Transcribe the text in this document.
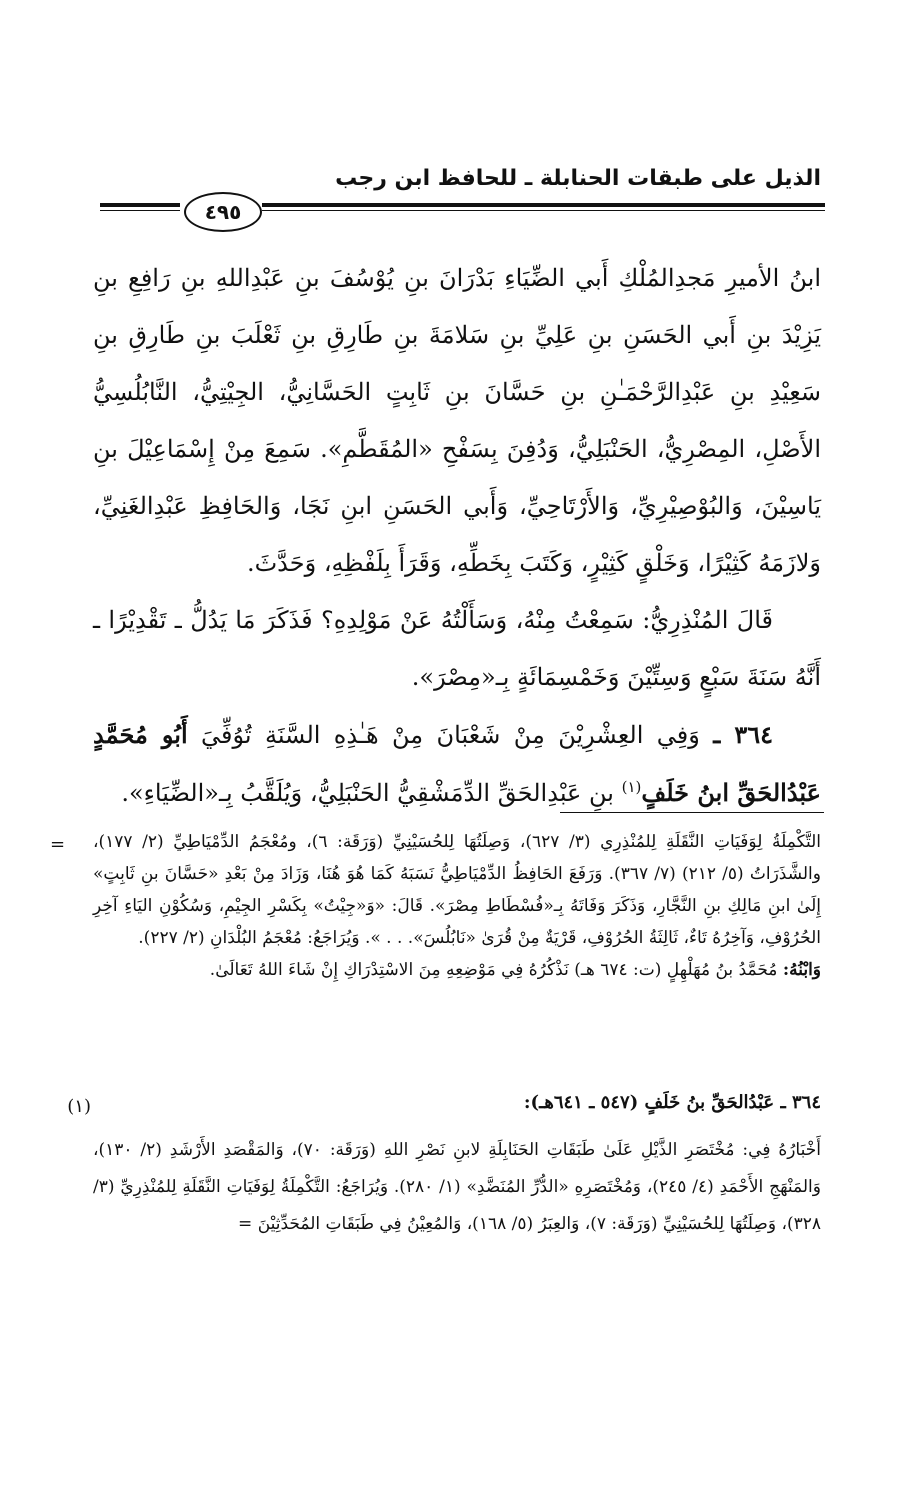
الذيل على طبقات الحنابلة ـ للحافظ ابن رجب
٤٩٥

ابنُ الأميرِ مَجدِالمُلْكِ أَبي الضِّيَاءِ بَدْرَانَ بنِ يُوْسُفَ بنِ عَبْدِاللهِ بنِ رَافِعِ بنِ يَزِيْدَ بنِ أَبي الحَسَنِ بنِ عَلِيِّ بنِ سَلامَةَ بنِ طَارِقِ بنِ ثَعْلَبَ بنِ طَارِقِ بنِ سَعِيْدِ بنِ عَبْدِالرَّحْمَـٰنِ بنِ حَسَّانَ بنِ ثَابِتٍ الحَسَّانِيُّ، الجِيْتِيُّ، النَّابُلُسِيُّ الأَصْلِ، المِصْرِيُّ، الحَنْبَلِيُّ، وَدُفِنَ بِسَفْحِ «المُقَطَّمِ». سَمِعَ مِنْ إِسْمَاعِيْلَ بنِ يَاسِيْنَ، وَالبُوْصِيْرِيِّ، وَالأَرْتَاحِيِّ، وَأَبي الحَسَنِ ابنِ نَجَا، وَالحَافِظِ عَبْدِالغَنِيِّ، وَلازَمَهُ كَثِيْرًا، وَخَلْقٍ كَثِيْرٍ، وَكَتَبَ بِخَطِّهِ، وَقَرَأَ بِلَفْظِهِ، وَحَدَّثَ.

قَالَ المُنْذِرِيُّ: سَمِعْتُ مِنْهُ، وَسَأَلْتُهُ عَنْ مَوْلِدِهِ؟ فَذَكَرَ مَا يَدُلُّ ـ تَقْدِيْرًا ـ أَنَّهُ سَنَةَ سَبْعٍ وَسِتِّيْنَ وَخَمْسِمَائَةٍ بِـ«مِصْرَ».

٣٦٤ ـ وَفِي العِشْرِيْنَ مِنْ شَعْبَانَ مِنْ هَـٰذِهِ السَّنَةِ تُوُفِّيَ أَبُو مُحَمَّدٍ عَبْدُالحَقِّ ابنُ خَلَفٍ$^{(١)}$ بنِ عَبْدِالحَقِّ الدِّمَشْقِيُّ الحَنْبَلِيُّ، وَيُلَقَّبُ بِـ«الضِّيَاءِ».

= التَّكْمِلَةُ لِوَفَيَاتِ النَّقَلَةِ لِلمُنْذِرِي (٣/ ٦٢٧)، وَصِلَتُهَا لِلحُسَيْنِيِّ (وَرَقَة: ٦)، ومُعْجَمُ الدِّمْيَاطِيِّ (٢/ ١٧٧)، والشَّذَرَاتُ (٥/ ٢١٢) (٧/ ٣٦٧). وَرَفَعَ الحَافِظُ الدِّمْيَاطِيُّ نَسَبَهُ كَمَا هُوَ هُنَا، وَزَادَ مِنْ بَعْدِ «حَسَّانَ بنِ ثَابِتٍ» إِلَىٰ ابنِ مَالِكِ بنِ النَّجَّارِ، وَذَكَرَ وَفَاتَهُ بِـ«فُسْطَاطِ مِصْرَ». قَالَ: «وَ«جِيْتُ» بِكَسْرِ الجِيْمِ، وَسُكُوْنِ اليَاءِ آخِرِ الحُرُوْفِ، وَآخِرُهُ تَاءٌ، ثَالِثَةُ الحُرُوْفِ، قَرْيَةٌ مِنْ قُرَىٰ «نَابُلُسَ». . . ». وَيُرَاجَعُ: مُعْجَمُ البُلْدَانِ (٢/ ٢٢٧).

وَابْنُهُ: مُحَمَّدُ بنُ مُهَلْهِلٍ (ت: ٦٧٤ هـ) نَذْكُرُهُ فِي مَوْضِعِهِ مِنَ الاسْتِدْرَاكِ إِنْ شَاءَ اللهُ تَعَالَىٰ.

(١)	٣٦٤ ـ عَبْدُالحَقِّ بنُ خَلَفٍ (٥٤٧ ـ ٦٤١هـ):
أَخْبَارُهُ فِي: مُخْتَصَرِ الذَّيْلِ عَلَىٰ طَبَقَاتِ الحَنَابِلَةِ لابنِ نَصْرِ اللهِ (وَرَقَة: ٧٠)، وَالمَقْصَدِ الأَرْشَدِ (٢/ ١٣٠)، وَالمَنْهَجِ الأَحْمَدِ (٤/ ٢٤٥)، وَمُخْتَصَرِهِ «الدُّرِّ المُنَضَّدِ» (١/ ٢٨٠). وَيُرَاجَعُ: التَّكْمِلَةُ لِوَفَيَاتِ النَّقَلَةِ لِلمُنْذِرِيِّ (٣/ ٣٢٨)، وَصِلَتُهَا لِلحُسَيْنِيِّ (وَرَقَة: ٧)، وَالعِبَرُ (٥/ ١٦٨)، وَالمُعِيْنُ فِي طَبَقَاتِ المُحَدِّثِيْنَ =
